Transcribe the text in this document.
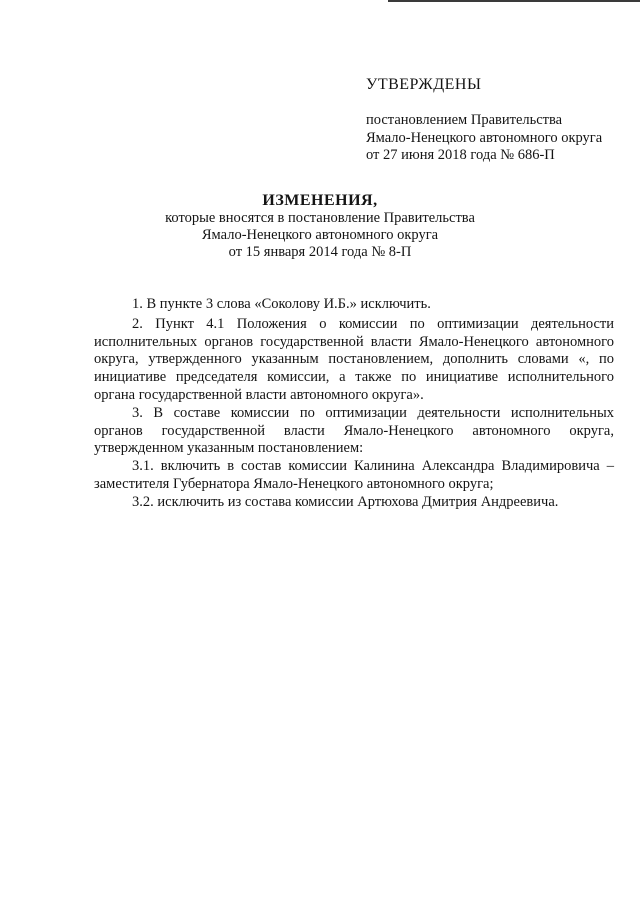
УТВЕРЖДЕНЫ
постановлением Правительства
Ямало-Ненецкого автономного округа
от 27 июня 2018 года № 686-П
ИЗМЕНЕНИЯ,
которые вносятся в постановление Правительства
Ямало-Ненецкого автономного округа
от 15 января 2014 года № 8-П

1. В пункте 3 слова «Соколову И.Б.» исключить.

2. Пункт 4.1 Положения о комиссии по оптимизации деятельности исполнительных органов государственной власти Ямало-Ненецкого автономного округа, утвержденного указанным постановлением, дополнить словами «, по инициативе председателя комиссии, а также по инициативе исполнительного органа государственной власти автономного округа».

3. В составе комиссии по оптимизации деятельности исполнительных органов государственной власти Ямало-Ненецкого автономного округа, утвержденном указанным постановлением:

3.1. включить в состав комиссии Калинина Александра Владимировича – заместителя Губернатора Ямало-Ненецкого автономного округа;

3.2. исключить из состава комиссии Артюхова Дмитрия Андреевича.
